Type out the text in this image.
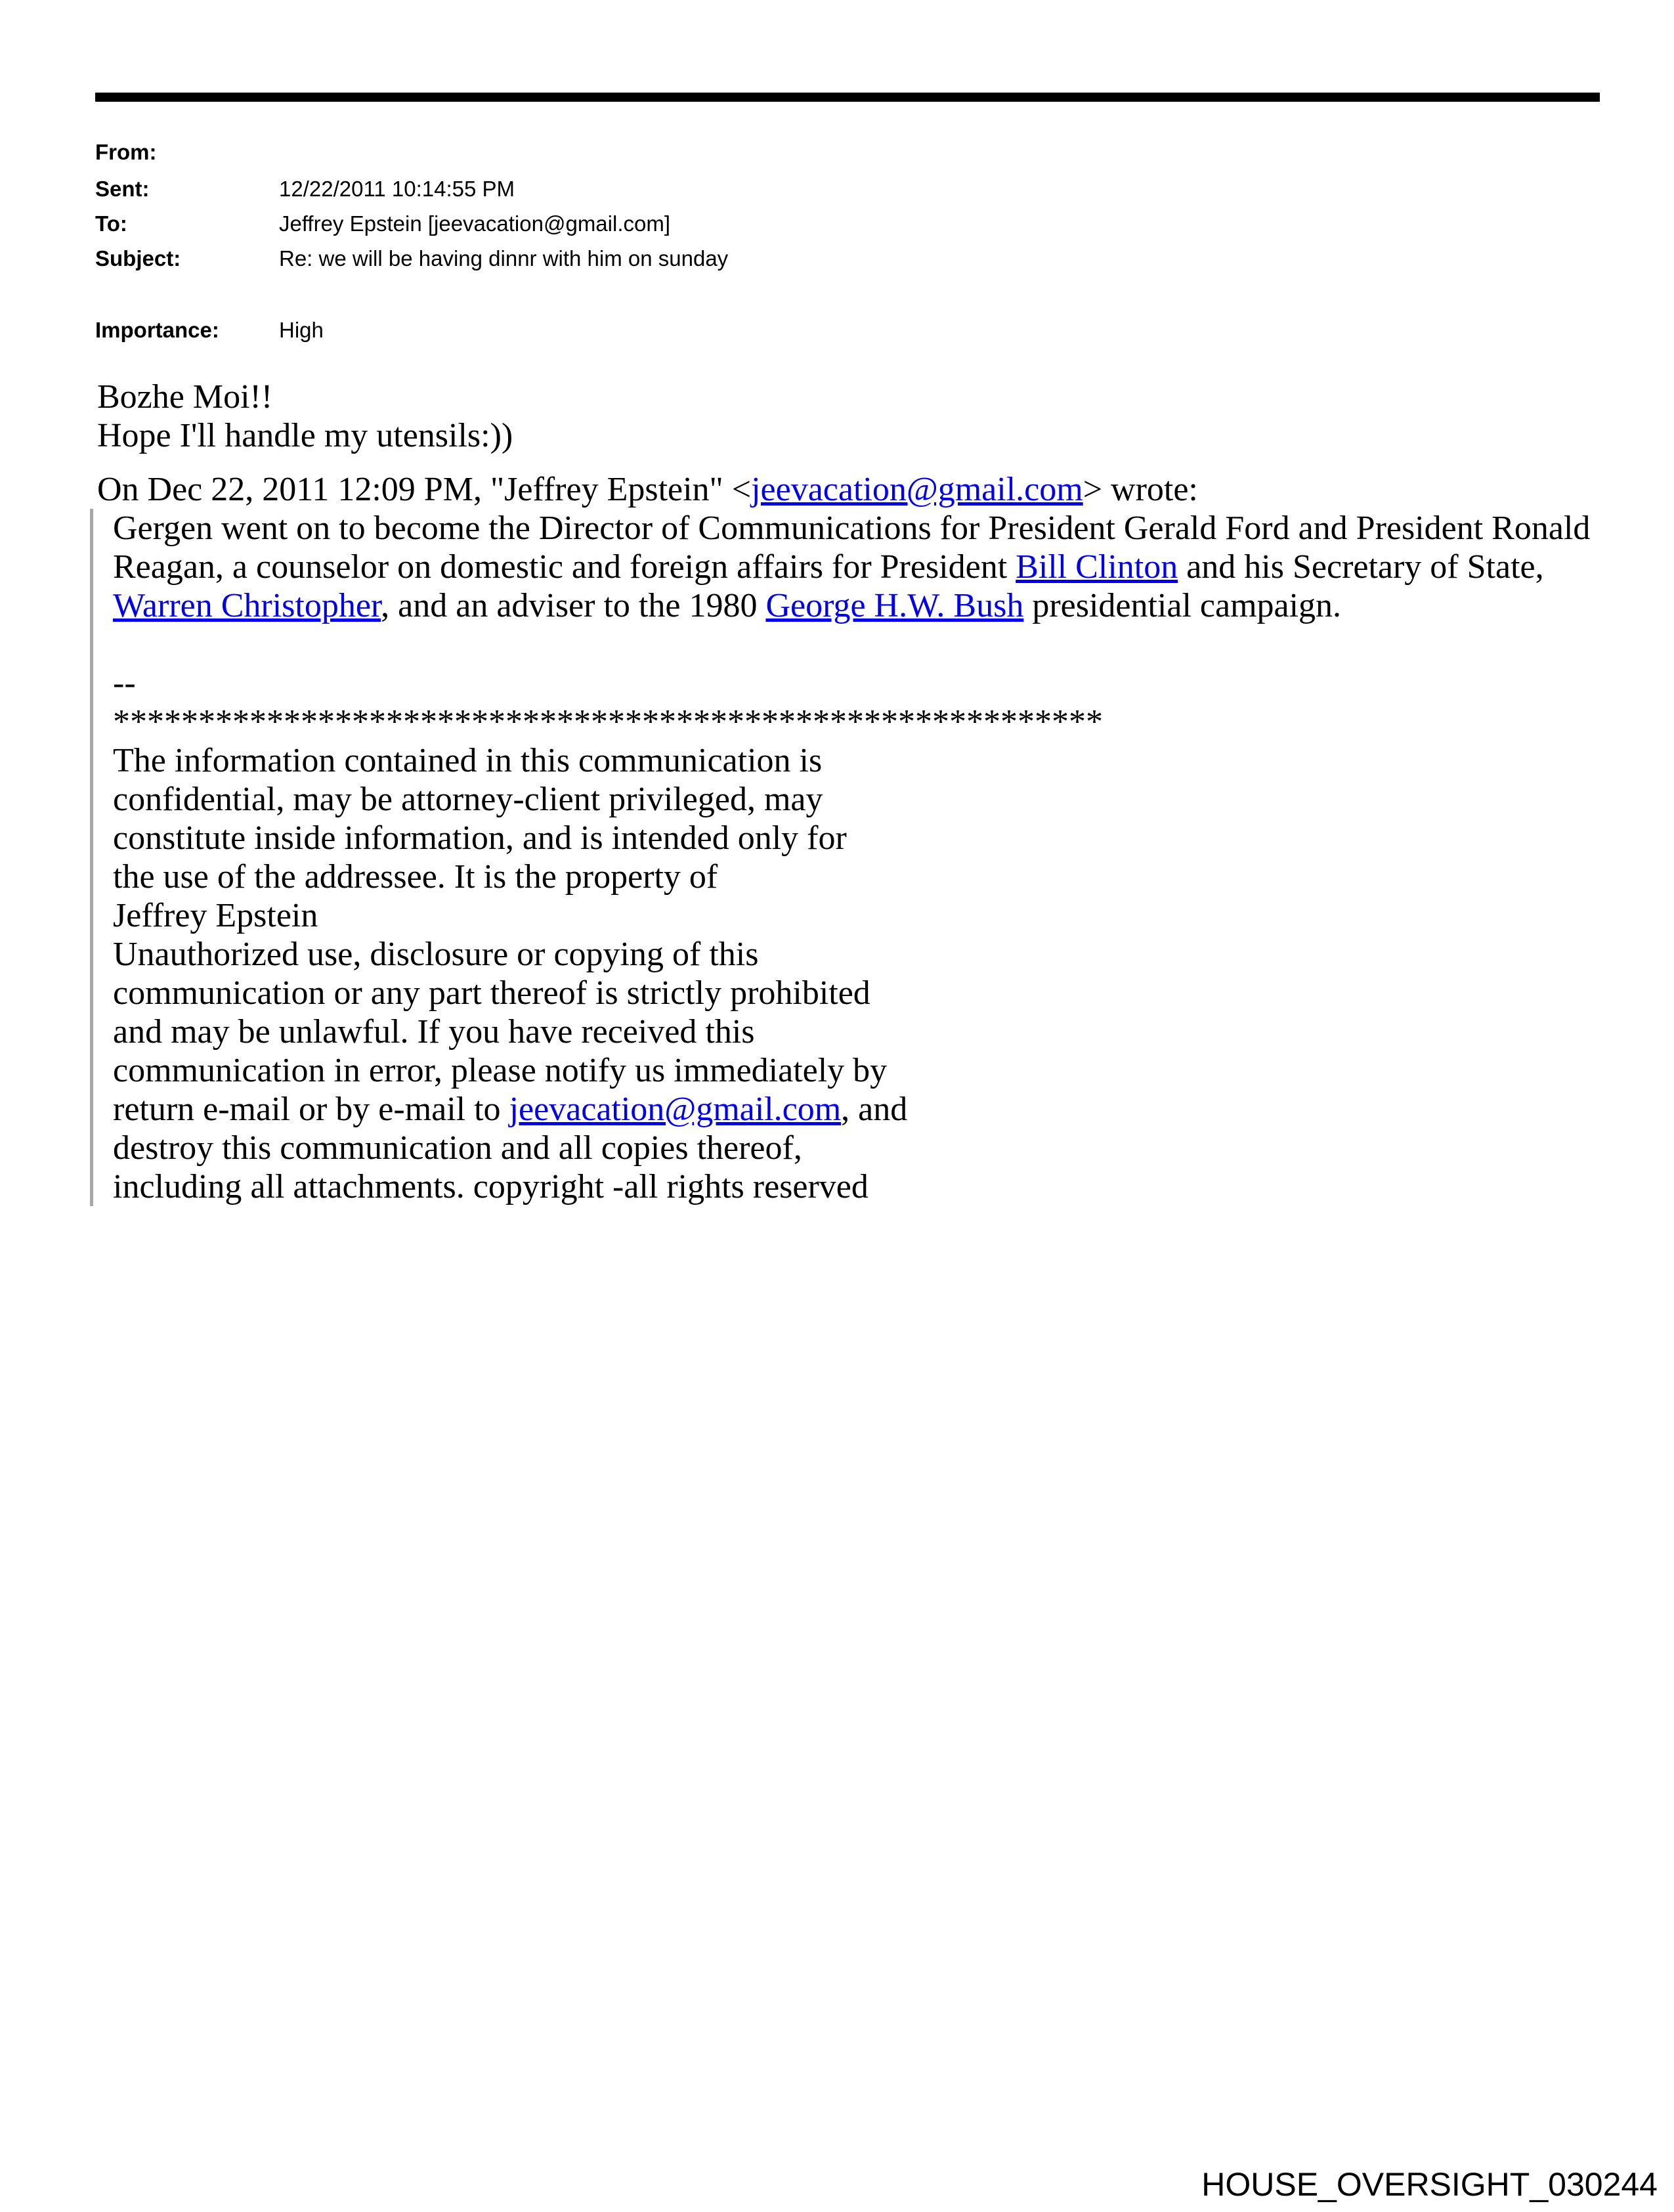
From:
Sent:	12/22/2011 10:14:55 PM
To:	Jeffrey Epstein [jeevacation@gmail.com]
Subject:	Re: we will be having dinnr with him on sunday
Importance:	High
Bozhe Moi!!
Hope I'll handle my utensils:))
On Dec 22, 2011 12:09 PM, "Jeffrey Epstein" <jeevacation@gmail.com> wrote:
Gergen went on to become the Director of Communications for President Gerald Ford and President Ronald
Reagan, a counselor on domestic and foreign affairs for President Bill Clinton and his Secretary of State,
Warren Christopher, and an adviser to the 1980 George H.W. Bush presidential campaign.

--
**********************************************************
The information contained in this communication is
confidential, may be attorney-client privileged, may
constitute inside information, and is intended only for
the use of the addressee. It is the property of
Jeffrey Epstein
Unauthorized use, disclosure or copying of this
communication or any part thereof is strictly prohibited
and may be unlawful. If you have received this
communication in error, please notify us immediately by
return e-mail or by e-mail to jeevacation@gmail.com, and
destroy this communication and all copies thereof,
including all attachments. copyright -all rights reserved
HOUSE_OVERSIGHT_030244
